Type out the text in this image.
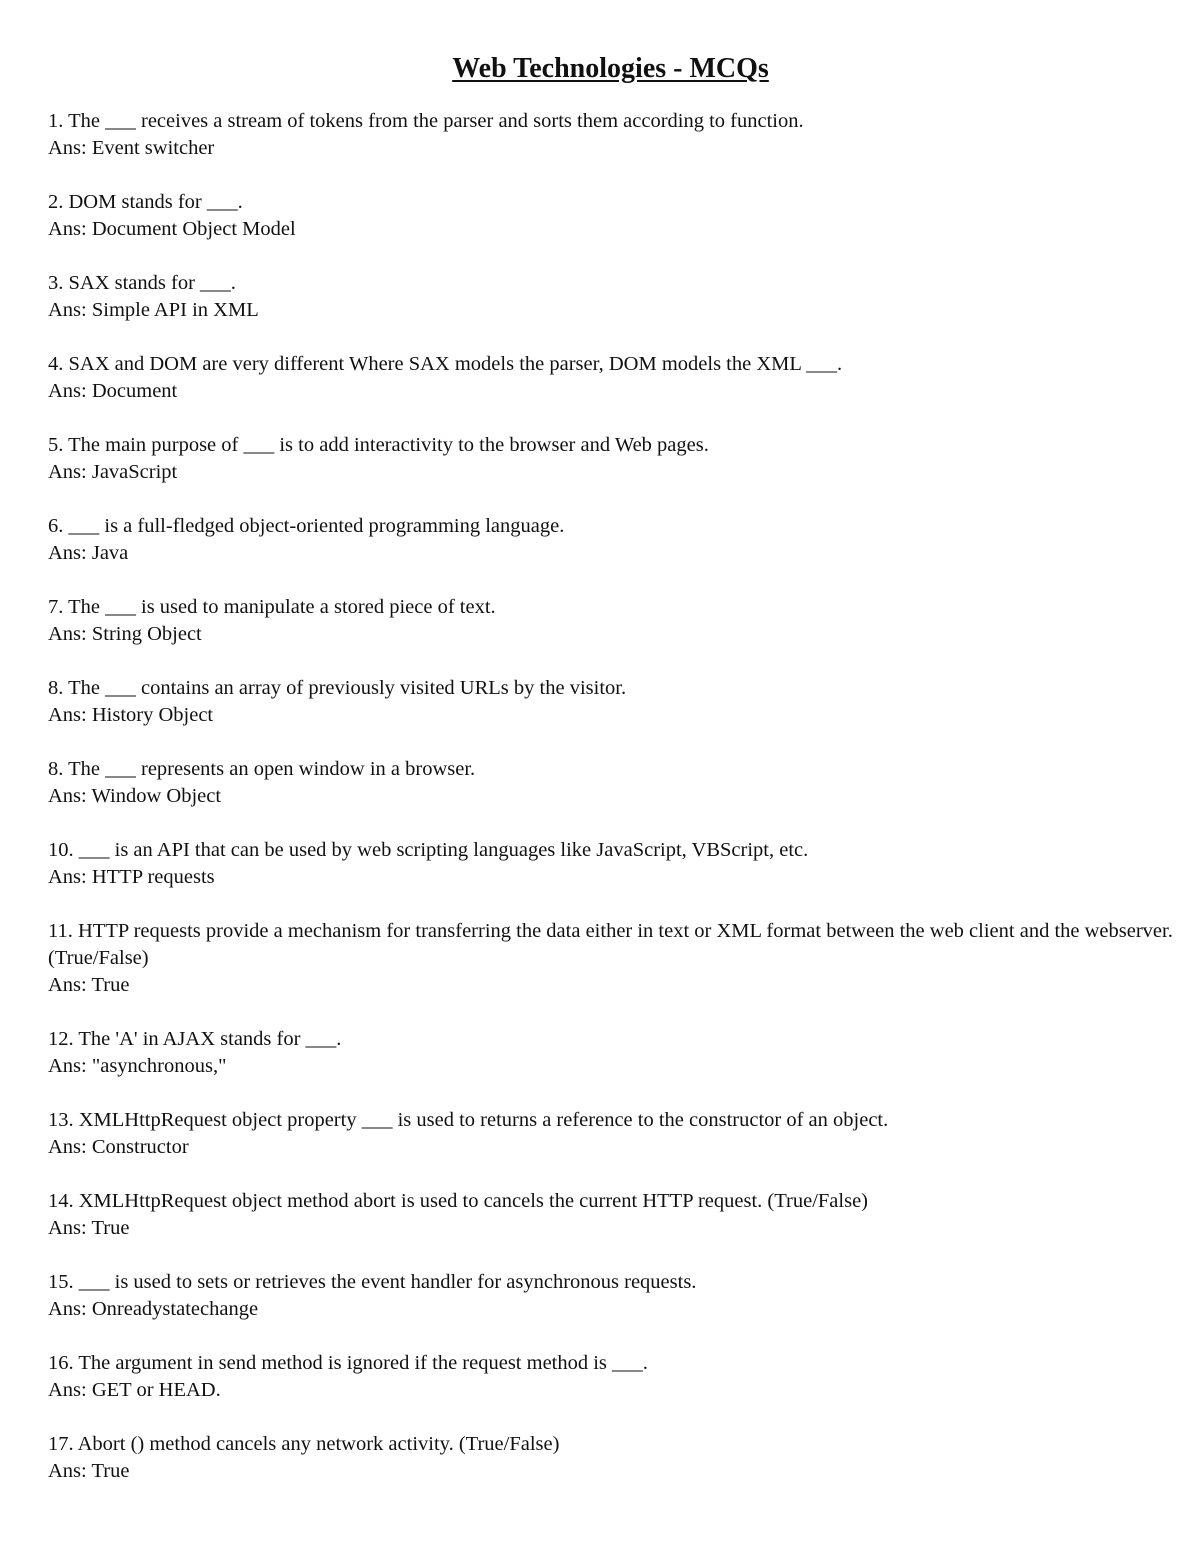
Web Technologies - MCQs

1. The ___ receives a stream of tokens from the parser and sorts them according to function.

Ans: Event switcher

2. DOM stands for ___.

Ans: Document Object Model

3. SAX stands for ___.

Ans: Simple API in XML

4. SAX and DOM are very different Where SAX models the parser, DOM models the XML ___.

Ans: Document

5. The main purpose of ___ is to add interactivity to the browser and Web pages.

Ans: JavaScript

6. ___ is a full-fledged object-oriented programming language.

Ans: Java

7. The ___ is used to manipulate a stored piece of text.

Ans: String Object

8. The ___ contains an array of previously visited URLs by the visitor.

Ans: History Object

8. The ___ represents an open window in a browser.

Ans: Window Object

10. ___ is an API that can be used by web scripting languages like JavaScript, VBScript, etc.

Ans: HTTP requests

11. HTTP requests provide a mechanism for transferring the data either in text or XML format between the web client and the webserver. (True/False)

Ans: True

12. The 'A' in AJAX stands for ___.

Ans: "asynchronous,"

13. XMLHttpRequest object property ___ is used to returns a reference to the constructor of an object.

Ans: Constructor

14. XMLHttpRequest object method abort is used to cancels the current HTTP request. (True/False)

Ans: True

15. ___ is used to sets or retrieves the event handler for asynchronous requests.

Ans: Onreadystatechange

16. The argument in send method is ignored if the request method is ___.

Ans: GET or HEAD.

17. Abort () method cancels any network activity. (True/False)

Ans: True
